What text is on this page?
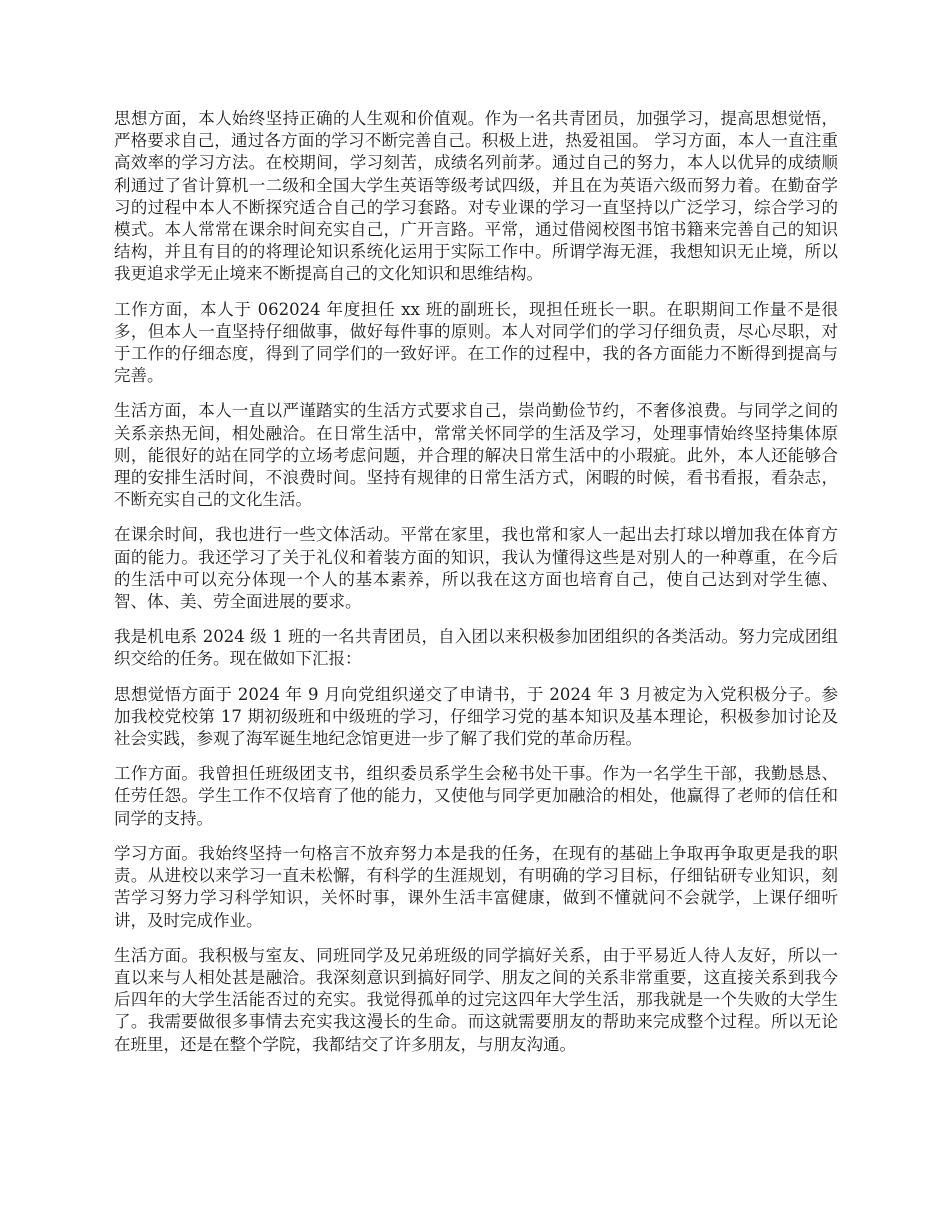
思想方面，本人始终坚持正确的人生观和价值观。作为一名共青团员，加强学习，提高思想觉悟，严格要求自己，通过各方面的学习不断完善自己。积极上进，热爱祖国。 学习方面，本人一直注重高效率的学习方法。在校期间，学习刻苦，成绩名列前茅。通过自己的努力，本人以优异的成绩顺利通过了省计算机一二级和全国大学生英语等级考试四级，并且在为英语六级而努力着。在勤奋学习的过程中本人不断探究适合自己的学习套路。对专业课的学习一直坚持以广泛学习，综合学习的模式。本人常常在课余时间充实自己，广开言路。平常，通过借阅校图书馆书籍来完善自己的知识结构，并且有目的的将理论知识系统化运用于实际工作中。所谓学海无涯，我想知识无止境，所以我更追求学无止境来不断提高自己的文化知识和思维结构。

工作方面，本人于 062024 年度担任 xx 班的副班长，现担任班长一职。在职期间工作量不是很多，但本人一直坚持仔细做事，做好每件事的原则。本人对同学们的学习仔细负责，尽心尽职，对于工作的仔细态度，得到了同学们的一致好评。在工作的过程中，我的各方面能力不断得到提高与完善。

生活方面，本人一直以严谨踏实的生活方式要求自己，崇尚勤俭节约，不奢侈浪费。与同学之间的关系亲热无间，相处融洽。在日常生活中，常常关怀同学的生活及学习，处理事情始终坚持集体原则，能很好的站在同学的立场考虑问题，并合理的解决日常生活中的小瑕疵。此外，本人还能够合理的安排生活时间，不浪费时间。坚持有规律的日常生活方式，闲暇的时候，看书看报，看杂志，不断充实自己的文化生活。

在课余时间，我也进行一些文体活动。平常在家里，我也常和家人一起出去打球以增加我在体育方面的能力。我还学习了关于礼仪和着装方面的知识，我认为懂得这些是对别人的一种尊重，在今后的生活中可以充分体现一个人的基本素养，所以我在这方面也培育自己，使自己达到对学生德、智、体、美、劳全面进展的要求。

我是机电系 2024 级 1 班的一名共青团员，自入团以来积极参加团组织的各类活动。努力完成团组织交给的任务。现在做如下汇报：

思想觉悟方面于 2024 年 9 月向党组织递交了申请书，于 2024 年 3 月被定为入党积极分子。参加我校党校第 17 期初级班和中级班的学习，仔细学习党的基本知识及基本理论，积极参加讨论及社会实践，参观了海军诞生地纪念馆更进一步了解了我们党的革命历程。

工作方面。我曾担任班级团支书，组织委员系学生会秘书处干事。作为一名学生干部，我勤恳恳、任劳任怨。学生工作不仅培育了他的能力，又使他与同学更加融洽的相处，他赢得了老师的信任和同学的支持。

学习方面。我始终坚持一句格言不放弃努力本是我的任务，在现有的基础上争取再争取更是我的职责。从进校以来学习一直未松懈，有科学的生涯规划，有明确的学习目标，仔细钻研专业知识，刻苦学习努力学习科学知识，关怀时事，课外生活丰富健康，做到不懂就问不会就学，上课仔细听讲，及时完成作业。

生活方面。我积极与室友、同班同学及兄弟班级的同学搞好关系，由于平易近人待人友好，所以一直以来与人相处甚是融洽。我深刻意识到搞好同学、朋友之间的关系非常重要，这直接关系到我今后四年的大学生活能否过的充实。我觉得孤单的过完这四年大学生活，那我就是一个失败的大学生了。我需要做很多事情去充实我这漫长的生命。而这就需要朋友的帮助来完成整个过程。所以无论在班里，还是在整个学院，我都结交了许多朋友，与朋友沟通。
